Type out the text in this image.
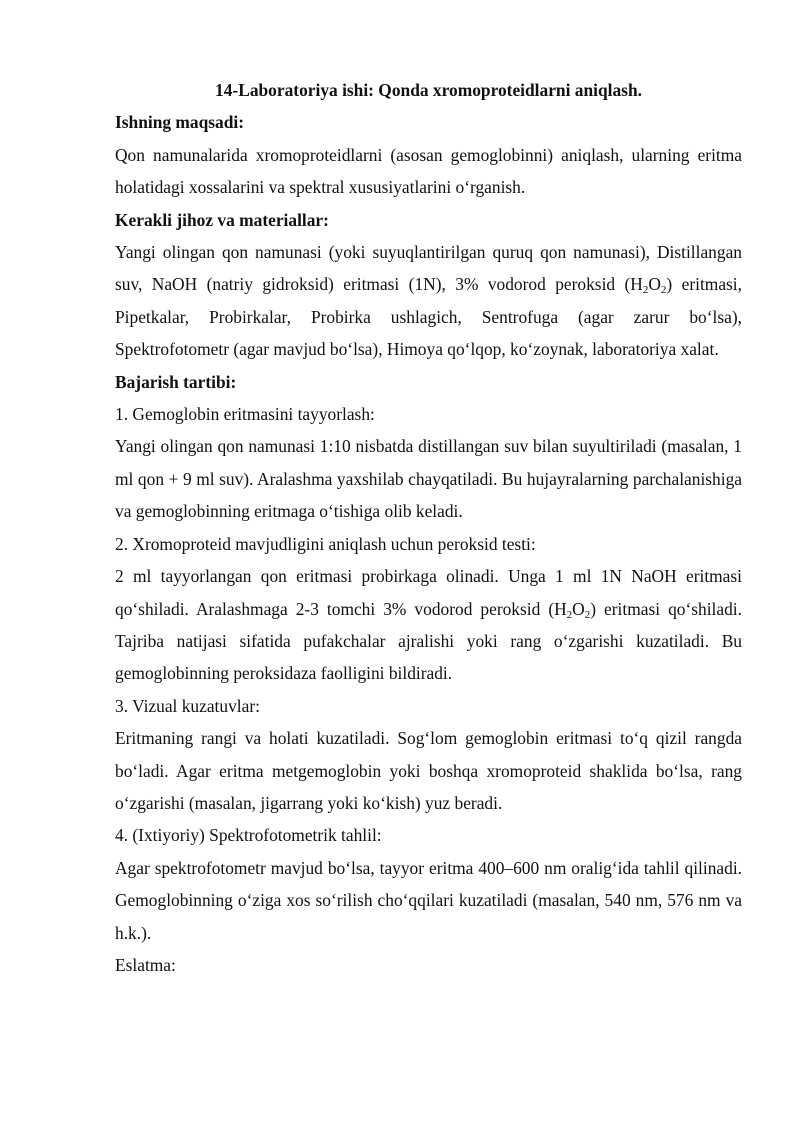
14-Laboratoriya ishi: Qonda xromoproteidlarni aniqlash.

Ishning maqsadi:

Qon namunalarida xromoproteidlarni (asosan gemoglobinni) aniqlash, ularning eritma holatidagi xossalarini va spektral xususiyatlarini o‘rganish.

Kerakli jihoz va materiallar:

Yangi olingan qon namunasi (yoki suyuqlantirilgan quruq qon namunasi), Distillangan suv, NaOH (natriy gidroksid) eritmasi (1N), 3% vodorod peroksid $(H_2O_2)$ eritmasi, Pipetkalar, Probirkalar, Probirka ushlagich, Sentrofuga (agar zarur bo‘lsa), Spektrofotometr (agar mavjud bo‘lsa), Himoya qo‘lqop, ko‘zoynak, laboratoriya xalat.

Bajarish tartibi:

1. Gemoglobin eritmasini tayyorlash:

Yangi olingan qon namunasi 1:10 nisbatda distillangan suv bilan suyultiriladi (masalan, 1 ml qon + 9 ml suv). Aralashma yaxshilab chayqatiladi. Bu hujayralarning parchalanishiga va gemoglobinning eritmaga o‘tishiga olib keladi.

2. Xromoproteid mavjudligini aniqlash uchun peroksid testi:

2 ml tayyorlangan qon eritmasi probirkaga olinadi. Unga 1 ml 1N NaOH eritmasi qo‘shiladi. Aralashmaga 2-3 tomchi 3% vodorod peroksid $(H_2O_2)$ eritmasi qo‘shiladi. Tajriba natijasi sifatida pufakchalar ajralishi yoki rang o‘zgarishi kuzatiladi. Bu gemoglobinning peroksidaza faolligini bildiradi.

3. Vizual kuzatuvlar:

Eritmaning rangi va holati kuzatiladi. Sog‘lom gemoglobin eritmasi to‘q qizil rangda bo‘ladi. Agar eritma metgemoglobin yoki boshqa xromoproteid shaklida bo‘lsa, rang o‘zgarishi (masalan, jigarrang yoki ko‘kish) yuz beradi.

4. (Ixtiyoriy) Spektrofotometrik tahlil:

Agar spektrofotometr mavjud bo‘lsa, tayyor eritma 400–600 nm oralig‘ida tahlil qilinadi. Gemoglobinning o‘ziga xos so‘rilish cho‘qqilari kuzatiladi (masalan, 540 nm, 576 nm va h.k.).

Eslatma:
